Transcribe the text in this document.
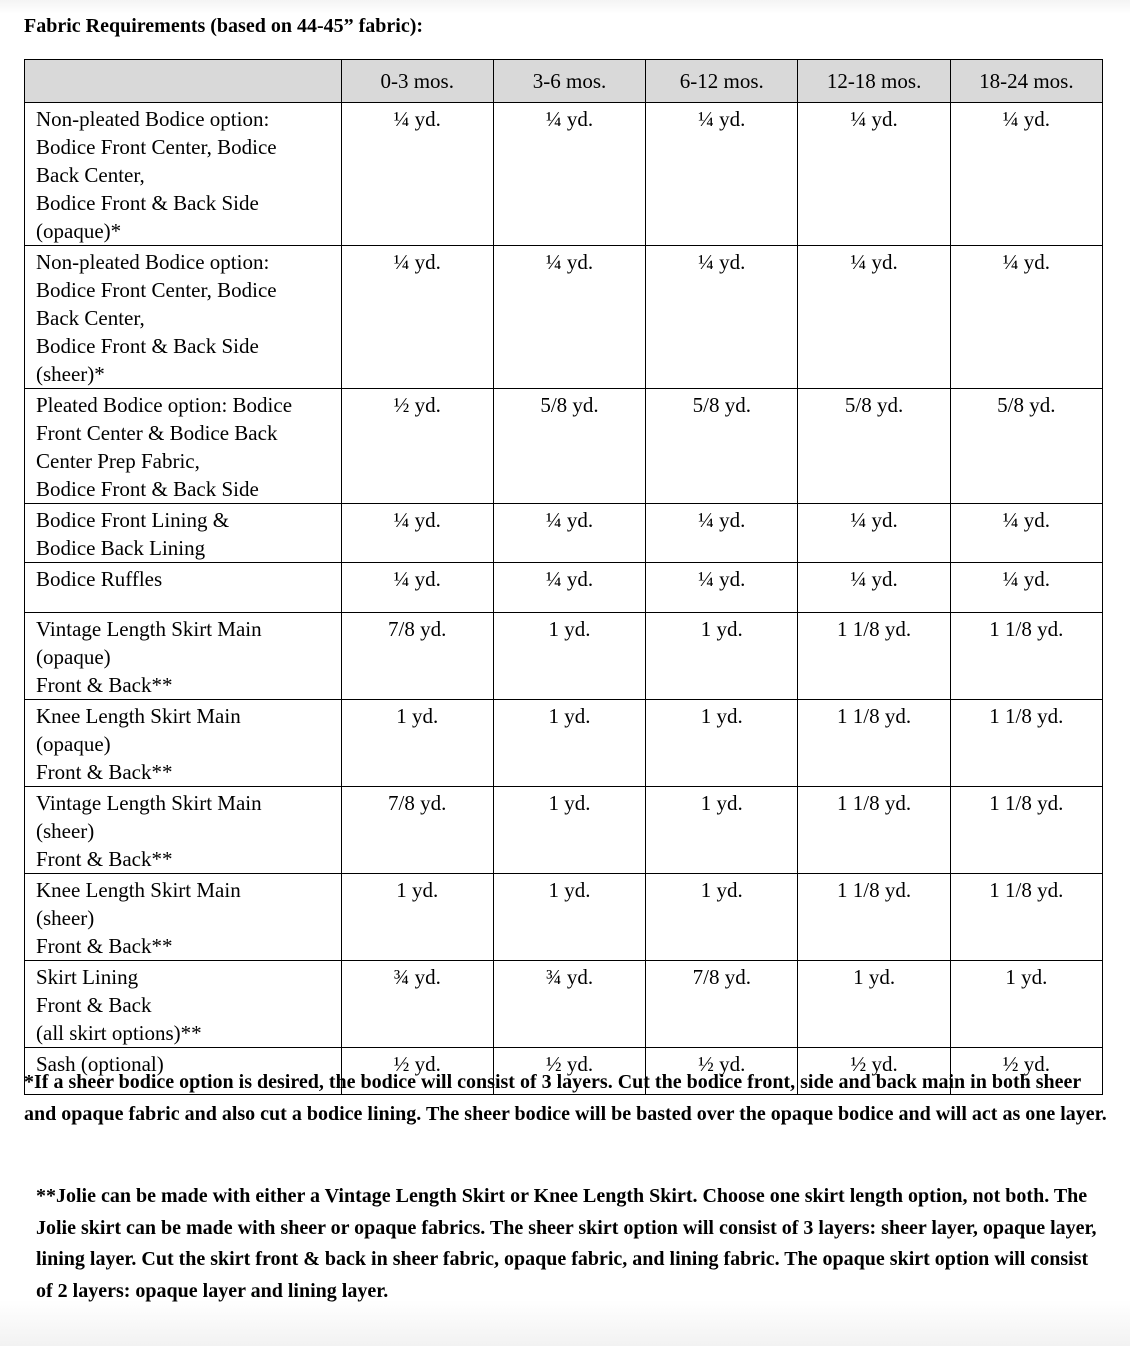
Fabric Requirements (based on 44-45” fabric):
	0-3 mos.	3-6 mos.	6-12 mos.	12-18 mos.	18-24 mos.

Non-pleated Bodice option:
Bodice Front Center, Bodice
Back Center,
Bodice Front & Back Side
(opaque)*	¼ yd.	¼ yd.	¼ yd.	¼ yd.	¼ yd.

Non-pleated Bodice option:
Bodice Front Center, Bodice
Back Center,
Bodice Front & Back Side
(sheer)*	¼ yd.	¼ yd.	¼ yd.	¼ yd.	¼ yd.

Pleated Bodice option: Bodice
Front Center & Bodice Back
Center Prep Fabric,
Bodice Front & Back Side	½ yd.	5/8 yd.	5/8 yd.	5/8 yd.	5/8 yd.

Bodice Front Lining &
Bodice Back Lining	¼ yd.	¼ yd.	¼ yd.	¼ yd.	¼ yd.

Bodice Ruffles	¼ yd.	¼ yd.	¼ yd.	¼ yd.	¼ yd.

Vintage Length Skirt Main
(opaque)
Front & Back**	7/8 yd.	1 yd.	1 yd.	1 1/8 yd.	1 1/8 yd.

Knee Length Skirt Main
(opaque)
Front & Back**	1 yd.	1 yd.	1 yd.	1 1/8 yd.	1 1/8 yd.

Vintage Length Skirt Main
(sheer)
Front & Back**	7/8 yd.	1 yd.	1 yd.	1 1/8 yd.	1 1/8 yd.

Knee Length Skirt Main
(sheer)
Front & Back**	1 yd.	1 yd.	1 yd.	1 1/8 yd.	1 1/8 yd.

Skirt Lining
Front & Back
(all skirt options)**	¾ yd.	¾ yd.	7/8 yd.	1 yd.	1 yd.

Sash (optional)	½ yd.	½ yd.	½ yd.	½ yd.	½ yd.
*If a sheer bodice option is desired, the bodice will consist of 3 layers. Cut the bodice front, side and back main in both sheer and opaque fabric and also cut a bodice lining. The sheer bodice will be basted over the opaque bodice and will act as one layer.
**Jolie can be made with either a Vintage Length Skirt or Knee Length Skirt. Choose one skirt length option, not both. The Jolie skirt can be made with sheer or opaque fabrics. The sheer skirt option will consist of 3 layers: sheer layer, opaque layer, lining layer. Cut the skirt front & back in sheer fabric, opaque fabric, and lining fabric. The opaque skirt option will consist of 2 layers: opaque layer and lining layer.
